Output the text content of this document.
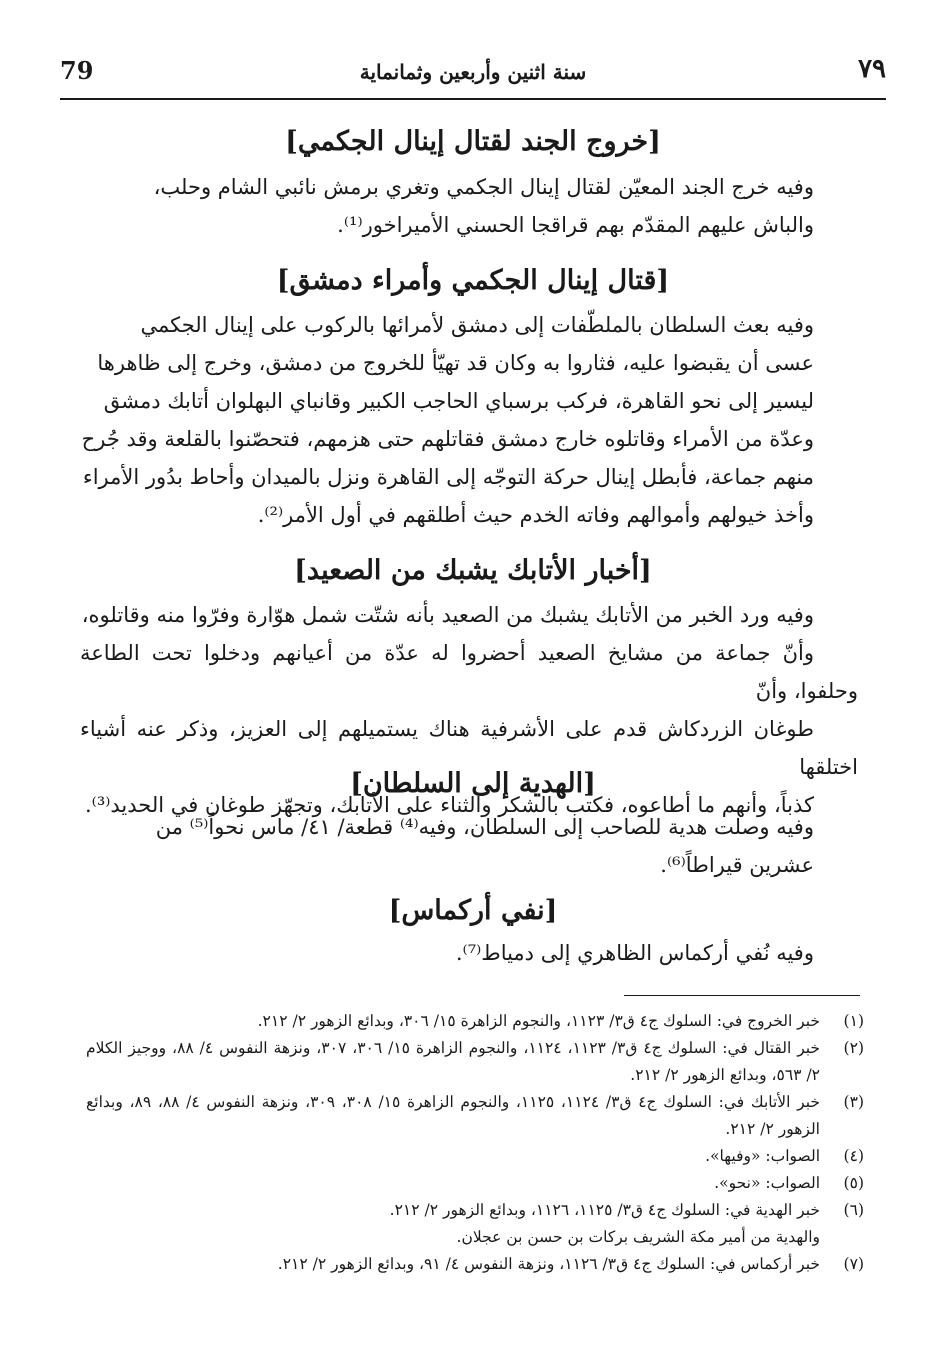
79	سنة اثنين وأربعين وثمانماية	٧٩
[خروج الجند لقتال إينال الجكمي]

وفيه خرج الجند المعيّن لقتال إينال الجكمي وتغري برمش نائبي الشام وحلب،
والباش عليهم المقدّم بهم قراقجا الحسني الأميراخور⁽¹⁾.

[قتال إينال الجكمي وأمراء دمشق]

وفيه بعث السلطان بالملطّفات إلى دمشق لأمرائها بالركوب على إينال الجكمي
عسى أن يقبضوا عليه، فثاروا به وكان قد تهيّأ للخروج من دمشق، وخرج إلى ظاهرها
ليسير إلى نحو القاهرة، فركب برسباي الحاجب الكبير وقانباي البهلوان أتابك دمشق
وعدّة من الأمراء وقاتلوه خارج دمشق فقاتلهم حتى هزمهم، فتحصّنوا بالقلعة وقد جُرح
منهم جماعة، فأبطل إينال حركة التوجّه إلى القاهرة ونزل بالميدان وأحاط بدُور الأمراء
وأخذ خيولهم وأموالهم وفاته الخدم حيث أطلقهم في أول الأمر⁽²⁾.

[أخبار الأتابك يشبك من الصعيد]

وفيه ورد الخبر من الأتابك يشبك من الصعيد بأنه شتّت شمل هوّارة وفرّوا منه وقاتلوه،
وأنّ جماعة من مشايخ الصعيد أحضروا له عدّة من أعيانهم ودخلوا تحت الطاعة وحلفوا، وأنّ
طوغان الزردكاش قدم على الأشرفية هناك يستميلهم إلى العزيز، وذكر عنه أشياء اختلقها
كذباً، وأنهم ما أطاعوه، فكتب بالشكر والثناء على الأتابك، وتجهّز طوغان في الحديد⁽³⁾.

[الهدية إلى السلطان]

وفيه وصلت هدية للصاحب إلى السلطان، وفيه⁽⁴⁾ قطعة/ ٤١/ ماس نحواً⁽⁵⁾ من
عشرين قيراطاً⁽⁶⁾.

[نفي أركماس]

وفيه نُفي أركماس الظاهري إلى دمياط⁽⁷⁾.

(١)
خبر الخروج في: السلوك ج٤ ق٣/ ١١٢٣، والنجوم الزاهرة ١٥/ ٣٠٦، وبدائع الزهور ٢/ ٢١٢.
(٢)
خبر القتال في: السلوك ج٤ ق٣/ ١١٢٣، ١١٢٤، والنجوم الزاهرة ١٥/ ٣٠٦، ٣٠٧، ونزهة النفوس ٤/ ٨٨، ووجيز الكلام ٢/ ٥٦٣، وبدائع الزهور ٢/ ٢١٢.
(٣)
خبر الأتابك في: السلوك ج٤ ق٣/ ١١٢٤، ١١٢٥، والنجوم الزاهرة ١٥/ ٣٠٨، ٣٠٩، ونزهة النفوس ٤/ ٨٨، ٨٩، وبدائع الزهور ٢/ ٢١٢.
(٤)
الصواب: «وفيها».
(٥)
الصواب: «نحو».
(٦)
خبر الهدية في: السلوك ج٤ ق٣/ ١١٢٥، ١١٢٦، وبدائع الزهور ٢/ ٢١٢.
والهدية من أمير مكة الشريف بركات بن حسن بن عجلان.
(٧)
خبر أركماس في: السلوك ج٤ ق٣/ ١١٢٦، ونزهة النفوس ٤/ ٩١، وبدائع الزهور ٢/ ٢١٢.
